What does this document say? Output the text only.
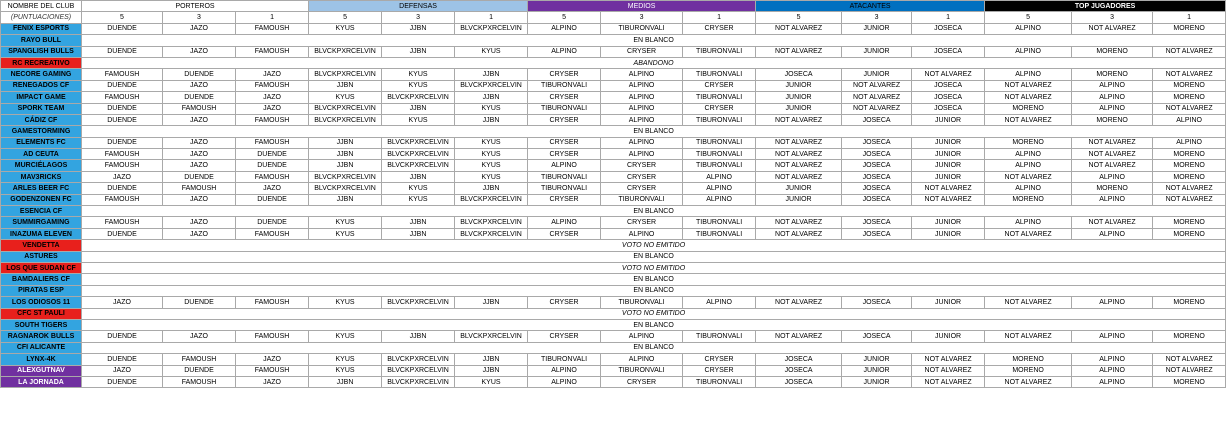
NOMBRE DEL CLUB	PORTEROS			DEFENSAS			MEDIOS			ATACANTES			TOP JUGADORES		
(PUNTUACIONES)	5	3	1	5	3	1	5	3	1	5	3	1	5	3	1
FENIX ESPORTS	DUENDE	JAZO	FAMOUSH	KYUS	JJBN	BLVCKPXRCELVIN	ALPINO	TIBURONVALI	CRYSER	NOT ALVAREZ	JUNIOR	JOSECA	ALPINO	NOT ALVAREZ	MORENO
RAYO BULL	EN BLANCO														
SPANGLISH BULLS	DUENDE	JAZO	FAMOUSH	BLVCKPXRCELVIN	JJBN	KYUS	ALPINO	CRYSER	TIBURONVALI	NOT ALVAREZ	JUNIOR	JOSECA	ALPINO	MORENO	NOT ALVAREZ
RC RECREATIVO	ABANDONO														
NECORE GAMING	FAMOUSH	DUENDE	JAZO	BLVCKPXRCELVIN	KYUS	JJBN	CRYSER	ALPINO	TIBURONVALI	JOSECA	JUNIOR	NOT ALVAREZ	ALPINO	MORENO	NOT ALVAREZ
RENEGADOS CF	DUENDE	JAZO	FAMOUSH	JJBN	KYUS	BLVCKPXRCELVIN	TIBURONVALI	ALPINO	CRYSER	JUNIOR	NOT ALVAREZ	JOSECA	NOT ALVAREZ	ALPINO	MORENO
IMPACT GAME	FAMOUSH	DUENDE	JAZO	KYUS	BLVCKPXRCELVIN	JJBN	CRYSER	ALPINO	TIBURONVALI	JUNIOR	NOT ALVAREZ	JOSECA	NOT ALVAREZ	ALPINO	MORENO
SPORK TEAM	DUENDE	FAMOUSH	JAZO	BLVCKPXRCELVIN	JJBN	KYUS	TIBURONVALI	ALPINO	CRYSER	JUNIOR	NOT ALVAREZ	JOSECA	MORENO	ALPINO	NOT ALVAREZ
CÁDIZ CF	DUENDE	JAZO	FAMOUSH	BLVCKPXRCELVIN	KYUS	JJBN	CRYSER	ALPINO	TIBURONVALI	NOT ALVAREZ	JOSECA	JUNIOR	NOT ALVAREZ	MORENO	ALPINO
GAMESTORMING	EN BLANCO														
ELEMENTS FC	DUENDE	JAZO	FAMOUSH	JJBN	BLVCKPXRCELVIN	KYUS	CRYSER	ALPINO	TIBURONVALI	NOT ALVAREZ	JOSECA	JUNIOR	MORENO	NOT ALVAREZ	ALPINO
AD CEUTA	FAMOUSH	JAZO	DUENDE	JJBN	BLVCKPXRCELVIN	KYUS	CRYSER	ALPINO	TIBURONVALI	NOT ALVAREZ	JOSECA	JUNIOR	ALPINO	NOT ALVAREZ	MORENO
MURCIÉLAGOS	FAMOUSH	JAZO	DUENDE	JJBN	BLVCKPXRCELVIN	KYUS	ALPINO	CRYSER	TIBURONVALI	NOT ALVAREZ	JOSECA	JUNIOR	ALPINO	NOT ALVAREZ	MORENO
MAV3RICKS	JAZO	DUENDE	FAMOUSH	BLVCKPXRCELVIN	JJBN	KYUS	TIBURONVALI	CRYSER	ALPINO	NOT ALVAREZ	JOSECA	JUNIOR	NOT ALVAREZ	ALPINO	MORENO
ARLES BEER FC	DUENDE	FAMOUSH	JAZO	BLVCKPXRCELVIN	KYUS	JJBN	TIBURONVALI	CRYSER	ALPINO	JUNIOR	JOSECA	NOT ALVAREZ	ALPINO	MORENO	NOT ALVAREZ
GODENZONEN FC	FAMOUSH	JAZO	DUENDE	JJBN	KYUS	BLVCKPXRCELVIN	CRYSER	TIBURONVALI	ALPINO	JUNIOR	JOSECA	NOT ALVAREZ	MORENO	ALPINO	NOT ALVAREZ
ESENCIA CF	EN BLANCO														
SUMMIRGAMING	FAMOUSH	JAZO	DUENDE	KYUS	JJBN	BLVCKPXRCELVIN	ALPINO	CRYSER	TIBURONVALI	NOT ALVAREZ	JOSECA	JUNIOR	ALPINO	NOT ALVAREZ	MORENO
INAZUMA ELEVEN	DUENDE	JAZO	FAMOUSH	KYUS	JJBN	BLVCKPXRCELVIN	CRYSER	ALPINO	TIBURONVALI	NOT ALVAREZ	JOSECA	JUNIOR	NOT ALVAREZ	ALPINO	MORENO
VENDETTA	VOTO NO EMITIDO														
ASTURES	EN BLANCO														
LOS QUE SUDAN CF	VOTO NO EMITIDO														
BAMDALIERS CF	EN BLANCO														
PIRATAS ESP	EN BLANCO														
LOS ODIOSOS 11	JAZO	DUENDE	FAMOUSH	KYUS	BLVCKPXRCELVIN	JJBN	CRYSER	TIBURONVALI	ALPINO	NOT ALVAREZ	JOSECA	JUNIOR	NOT ALVAREZ	ALPINO	MORENO
CFC ST PAULI	VOTO NO EMITIDO														
SOUTH TIGERS	EN BLANCO														
RAGNAROK BULLS	DUENDE	JAZO	FAMOUSH	KYUS	JJBN	BLVCKPXRCELVIN	CRYSER	ALPINO	TIBURONVALI	NOT ALVAREZ	JOSECA	JUNIOR	NOT ALVAREZ	ALPINO	MORENO
CFI ALICANTE	EN BLANCO														
LYNX-4K	DUENDE	FAMOUSH	JAZO	KYUS	BLVCKPXRCELVIN	JJBN	TIBURONVALI	ALPINO	CRYSER	JOSECA	JUNIOR	NOT ALVAREZ	MORENO	ALPINO	NOT ALVAREZ
ALEXGUTNAV	JAZO	DUENDE	FAMOUSH	KYUS	BLVCKPXRCELVIN	JJBN	ALPINO	TIBURONVALI	CRYSER	JOSECA	JUNIOR	NOT ALVAREZ	MORENO	ALPINO	NOT ALVAREZ
LA JORNADA	DUENDE	FAMOUSH	JAZO	JJBN	BLVCKPXRCELVIN	KYUS	ALPINO	CRYSER	TIBURONVALI	JOSECA	JUNIOR	NOT ALVAREZ	NOT ALVAREZ	ALPINO	MORENO
